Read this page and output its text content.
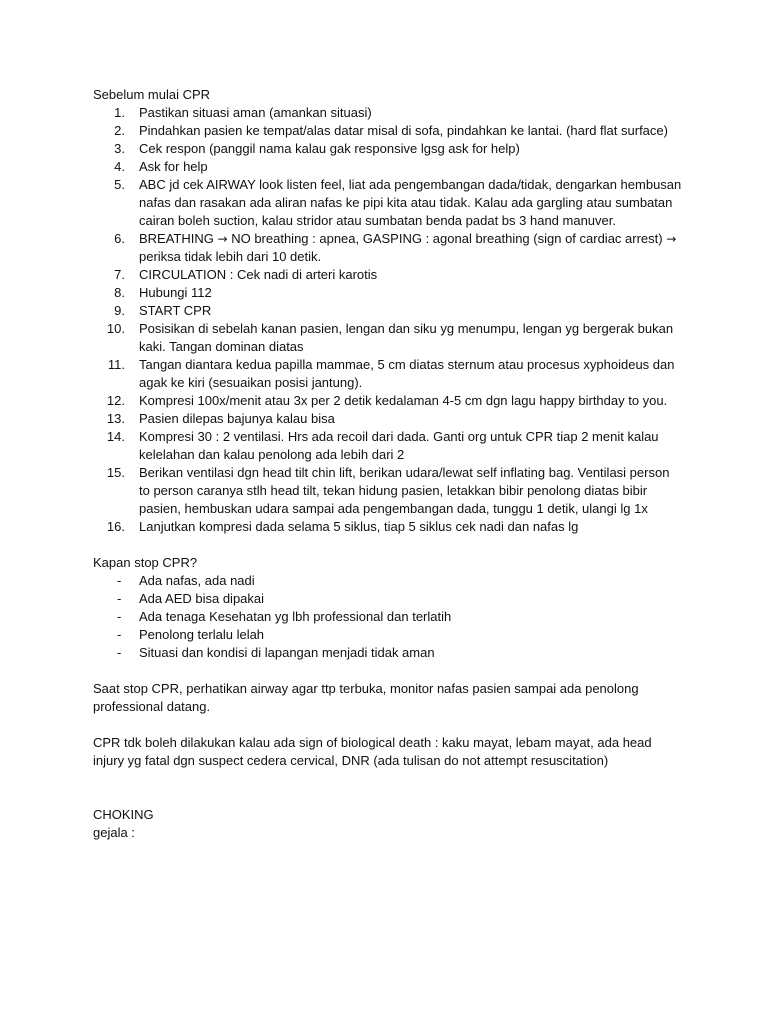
Sebelum mulai CPR

1. Pastikan situasi aman (amankan situasi)
2. Pindahkan pasien ke tempat/alas datar misal di sofa, pindahkan ke lantai. (hard flat surface)
3. Cek respon (panggil nama kalau gak responsive lgsg ask for help)
4. Ask for help
5. ABC jd cek AIRWAY look listen feel, liat ada pengembangan dada/tidak, dengarkan hembusan nafas dan rasakan ada aliran nafas ke pipi kita atau tidak. Kalau ada gargling atau sumbatan cairan boleh suction, kalau stridor atau sumbatan benda padat bs 3 hand manuver.
6. BREATHING → NO breathing : apnea, GASPING : agonal breathing (sign of cardiac arrest) → periksa tidak lebih dari 10 detik.
7. CIRCULATION : Cek nadi di arteri karotis
8. Hubungi 112
9. START CPR
10. Posisikan di sebelah kanan pasien, lengan dan siku yg menumpu, lengan yg bergerak bukan kaki. Tangan dominan diatas
11. Tangan diantara kedua papilla mammae, 5 cm diatas sternum atau procesus xyphoideus dan agak ke kiri (sesuaikan posisi jantung).
12. Kompresi 100x/menit atau 3x per 2 detik kedalaman 4-5 cm dgn lagu happy birthday to you.
13. Pasien dilepas bajunya kalau bisa
14. Kompresi 30 : 2 ventilasi. Hrs ada recoil dari dada. Ganti org untuk CPR tiap 2 menit kalau kelelahan dan kalau penolong ada lebih dari 2
15. Berikan ventilasi dgn head tilt chin lift, berikan udara/lewat self inflating bag. Ventilasi person to person caranya stlh head tilt, tekan hidung pasien, letakkan bibir penolong diatas bibir pasien, hembuskan udara sampai ada pengembangan dada, tunggu 1 detik, ulangi lg 1x
16. Lanjutkan kompresi dada selama 5 siklus, tiap 5 siklus cek nadi dan nafas lg

Kapan stop CPR?

- Ada nafas, ada nadi
- Ada AED bisa dipakai
- Ada tenaga Kesehatan yg lbh professional dan terlatih
- Penolong terlalu lelah
- Situasi dan kondisi di lapangan menjadi tidak aman

Saat stop CPR, perhatikan airway agar ttp terbuka, monitor nafas pasien sampai ada penolong professional datang.

CPR tdk boleh dilakukan kalau ada sign of biological death : kaku mayat, lebam mayat, ada head injury yg fatal dgn suspect cedera cervical, DNR (ada tulisan do not attempt resuscitation)

CHOKING

gejala :
